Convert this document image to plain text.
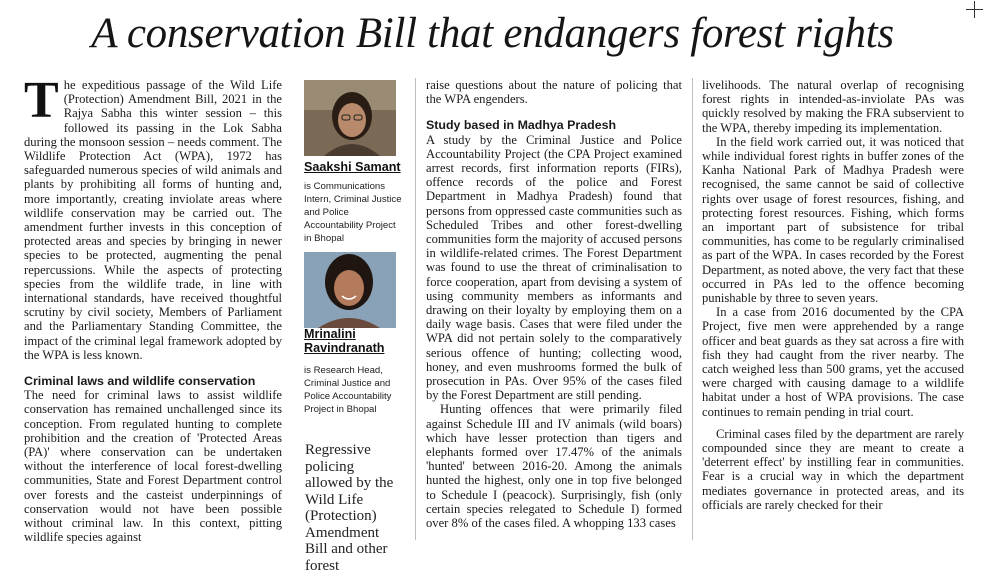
A conservation Bill that endangers forest rights

The expeditious passage of the Wild Life (Protection) Amendment Bill, 2021 in the Rajya Sabha this winter session – this followed its passing in the Lok Sabha during the monsoon session – needs comment. The Wildlife Protection Act (WPA), 1972 has safeguarded numerous species of wild animals and plants by prohibiting all forms of hunting and, more importantly, creating inviolate areas where wildlife conservation may be carried out. The amendment further invests in this conception of protected areas and species by bringing in newer species to be protected, augmenting the penal repercussions. While the aspects of protecting species from the wildlife trade, in line with international standards, have received thoughtful scrutiny by civil society, Members of Parliament and the Parliamentary Standing Committee, the impact of the criminal legal framework adopted by the WPA is less known.

Criminal laws and wildlife conservation

The need for criminal laws to assist wildlife conservation has remained unchallenged since its conception. From regulated hunting to complete prohibition and the creation of 'Protected Areas (PA)' where conservation can be undertaken without the interference of local forest-dwelling communities, State and Forest Department control over forests and the casteist underpinnings of conservation would not have been possible without criminal law. In this context, pitting wildlife species against

Saakshi Samant
is Communications Intern, Criminal Justice and Police Accountability Project in Bhopal
Mrinalini
Ravindranath
is Research Head, Criminal Justice and Police Accountability Project in Bhopal
Regressive policing allowed by the Wild Life (Protection) Amendment Bill and other forest

raise questions about the nature of policing that the WPA engenders.

Study based in Madhya Pradesh

A study by the Criminal Justice and Police Accountability Project (the CPA Project examined arrest records, first information reports (FIRs), offence records of the police and Forest Department in Madhya Pradesh) found that persons from oppressed caste communities such as Scheduled Tribes and other forest-dwelling communities form the majority of accused persons in wildlife-related crimes. The Forest Department was found to use the threat of criminalisation to force cooperation, apart from devising a system of using community members as informants and drawing on their loyalty by employing them on a daily wage basis. Cases that were filed under the WPA did not pertain solely to the comparatively serious offence of hunting; collecting wood, honey, and even mushrooms formed the bulk of prosecution in PAs. Over 95% of the cases filed by the Forest Department are still pending.

Hunting offences that were primarily filed against Schedule III and IV animals (wild boars) which have lesser protection than tigers and elephants formed over 17.47% of the animals 'hunted' between 2016-20. Among the animals hunted the highest, only one in top five belonged to Schedule I (peacock). Surprisingly, fish (only certain species relegated to Schedule I) formed over 8% of the cases filed. A whopping 133 cases

livelihoods. The natural overlap of recognising forest rights in intended-as-inviolate PAs was quickly resolved by making the FRA subservient to the WPA, thereby impeding its implementation.

In the field work carried out, it was noticed that while individual forest rights in buffer zones of the Kanha National Park of Madhya Pradesh were recognised, the same cannot be said of collective rights over usage of forest resources, fishing, and protecting forest resources. Fishing, which forms an important part of subsistence for tribal communities, has come to be regularly criminalised as part of the WPA. In cases recorded by the Forest Department, as noted above, the very fact that these occurred in PAs led to the offence becoming punishable by three to seven years.

In a case from 2016 documented by the CPA Project, five men were apprehended by a range officer and beat guards as they sat across a fire with fish they had caught from the river nearby. The catch weighed less than 500 grams, yet the accused were charged with causing damage to a wildlife habitat under a host of WPA provisions. The case continues to remain pending in trial court.

Criminal cases filed by the department are rarely compounded since they are meant to create a 'deterrent effect' by instilling fear in communities. Fear is a crucial way in which the department mediates governance in protected areas, and its officials are rarely checked for their
